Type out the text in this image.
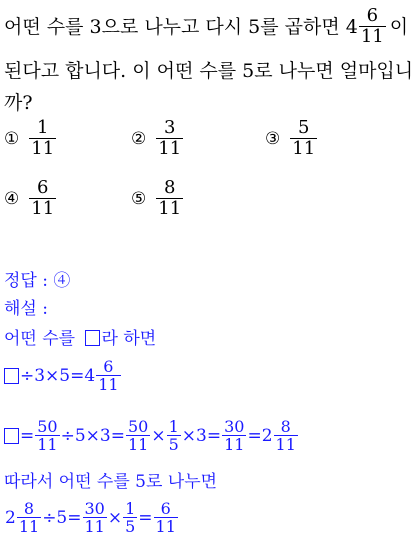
어떤 수를 3으로 나누고 다시 5를 곱하면 $4 \frac{6}{11}$ 이
된다고 합니다. 이 어떤 수를 5로 나누면 얼마입니
까?
① $\frac{1}{11}$	② $\frac{3}{11}$	③ $\frac{5}{11}$
④ $\frac{6}{11}$	⑤ $\frac{8}{11}$
정답 : ④
해설 :
어떤 수를 라 하면
$\div 3\times 5=4 \frac{6}{11}$
= $\frac{50}{11} \div 5\times 3= \frac{50}{11} \times \frac{1}{5} \times 3= \frac{30}{11} =2 \frac{8}{11}$
따라서 어떤 수를 5로 나누면
$2 \frac{8}{11} \div 5= \frac{30}{11} \times \frac{1}{5} = \frac{6}{11}$
